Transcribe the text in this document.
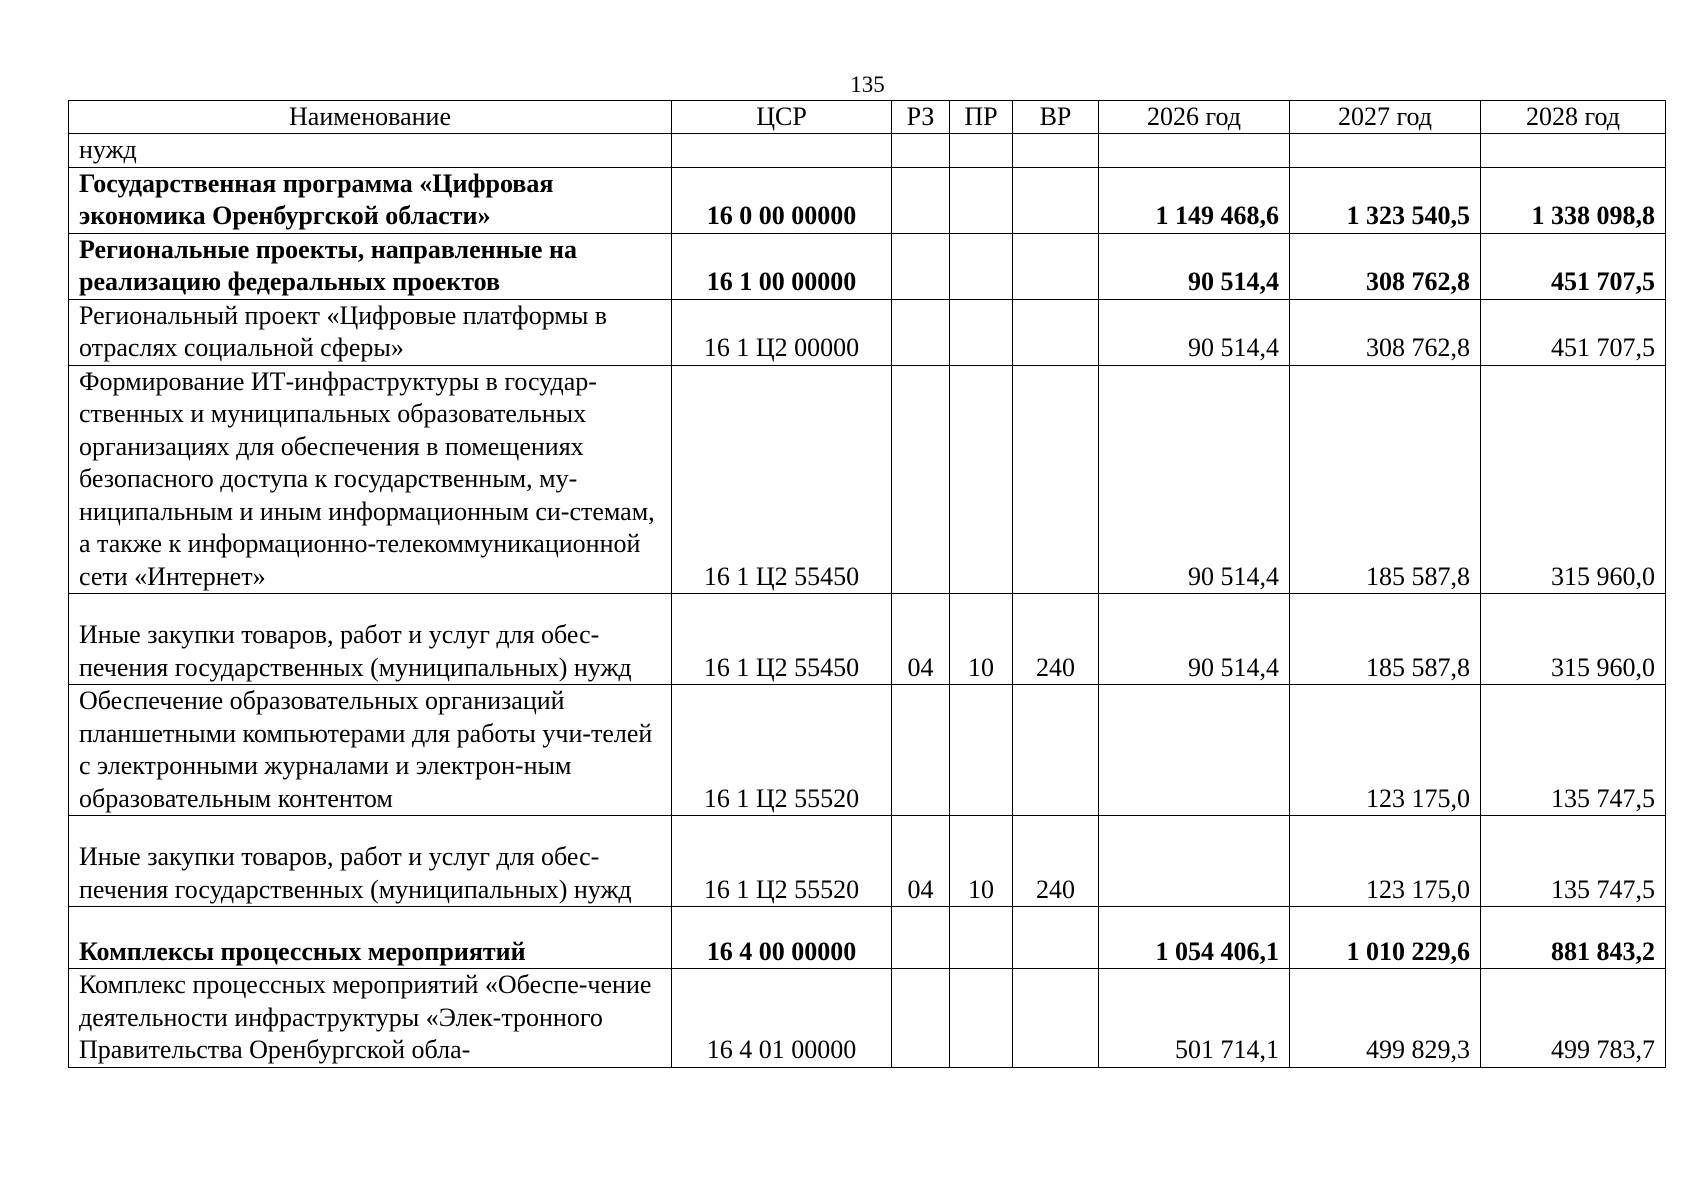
135
Наименование	ЦСР	РЗ	ПР	ВР	2026 год	2027 год	2028 год
нужд							
Государственная программа «Цифровая экономика Оренбургской области»	16 0 00 00000				1 149 468,6	1 323 540,5	1 338 098,8
Региональные проекты, направленные на реализацию федеральных проектов	16 1 00 00000				90 514,4	308 762,8	451 707,5
Региональный проект «Цифровые платформы в отраслях социальной сферы»	16 1 Ц2 00000				90 514,4	308 762,8	451 707,5
Формирование ИТ-инфраструктуры в государ-ственных и муниципальных образовательных организациях для обеспечения в помещениях безопасного доступа к государственным, му-ниципальным и иным информационным си-стемам, а также к информационно-телекоммуникационной сети «Интернет»	16 1 Ц2 55450				90 514,4	185 587,8	315 960,0
Иные закупки товаров, работ и услуг для обес-печения государственных (муниципальных) нужд	16 1 Ц2 55450	04	10	240	90 514,4	185 587,8	315 960,0
Обеспечение образовательных организаций планшетными компьютерами для работы учи-телей с электронными журналами и электрон-ным образовательным контентом	16 1 Ц2 55520					123 175,0	135 747,5
Иные закупки товаров, работ и услуг для обес-печения государственных (муниципальных) нужд	16 1 Ц2 55520	04	10	240		123 175,0	135 747,5
Комплексы процессных мероприятий	16 4 00 00000				1 054 406,1	1 010 229,6	881 843,2
Комплекс процессных мероприятий «Обеспе-чение деятельности инфраструктуры «Элек-тронного Правительства Оренбургской обла-	16 4 01 00000				501 714,1	499 829,3	499 783,7
